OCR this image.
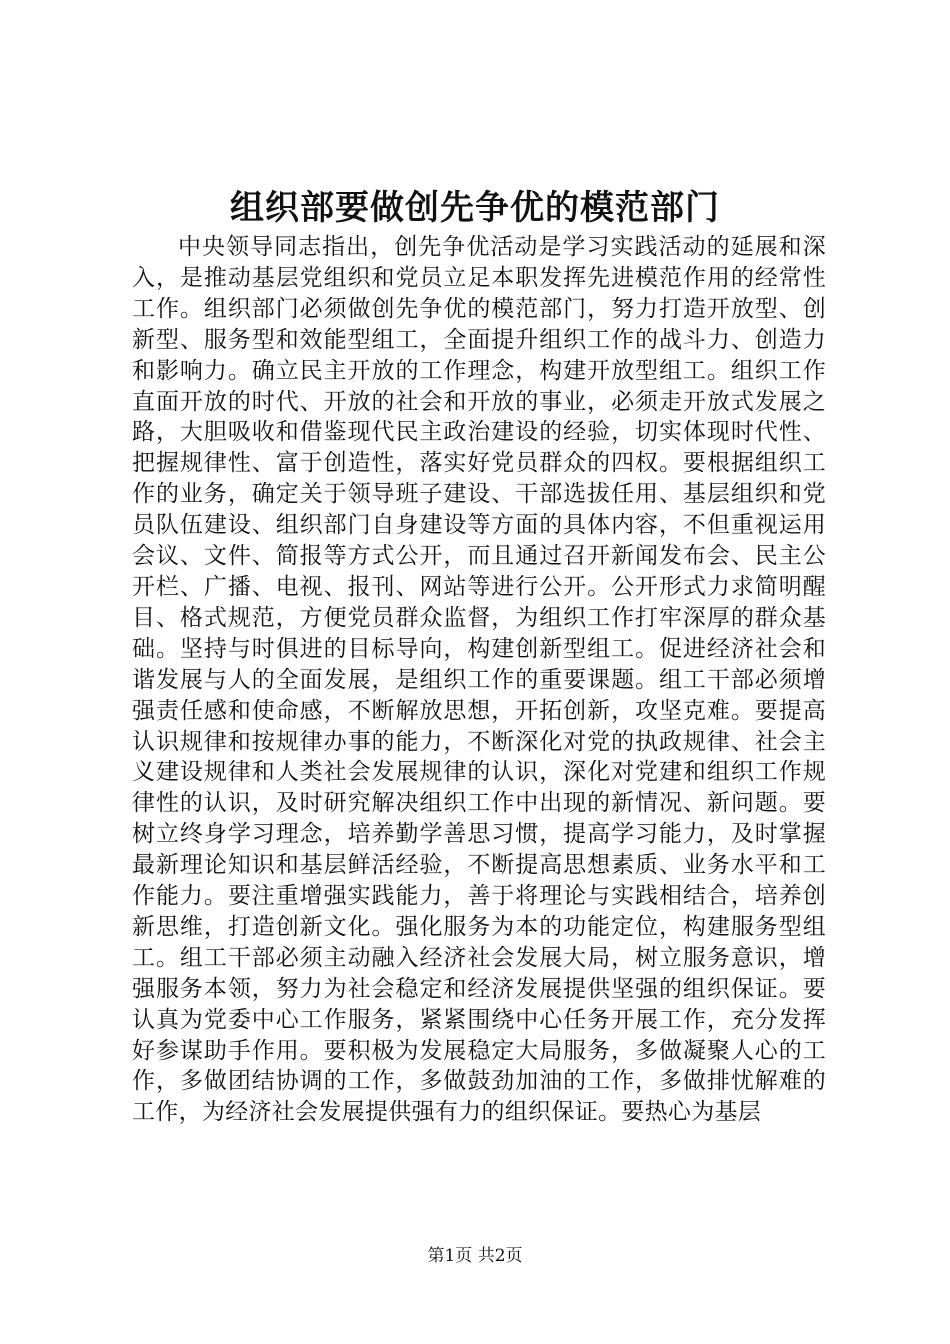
组织部要做创先争优的模范部门

中央领导同志指出，创先争优活动是学习实践活动的延展和深入，是推动基层党组织和党员立足本职发挥先进模范作用的经常性工作。组织部门必须做创先争优的模范部门，努力打造开放型、创新型、服务型和效能型组工，全面提升组织工作的战斗力、创造力和影响力。确立民主开放的工作理念，构建开放型组工。组织工作直面开放的时代、开放的社会和开放的事业，必须走开放式发展之路，大胆吸收和借鉴现代民主政治建设的经验，切实体现时代性、把握规律性、富于创造性，落实好党员群众的四权。要根据组织工作的业务，确定关于领导班子建设、干部选拔任用、基层组织和党员队伍建设、组织部门自身建设等方面的具体内容，不但重视运用会议、文件、简报等方式公开，而且通过召开新闻发布会、民主公开栏、广播、电视、报刊、网站等进行公开。公开形式力求简明醒目、格式规范，方便党员群众监督，为组织工作打牢深厚的群众基础。坚持与时俱进的目标导向，构建创新型组工。促进经济社会和谐发展与人的全面发展，是组织工作的重要课题。组工干部必须增强责任感和使命感，不断解放思想，开拓创新，攻坚克难。要提高认识规律和按规律办事的能力，不断深化对党的执政规律、社会主义建设规律和人类社会发展规律的认识，深化对党建和组织工作规律性的认识，及时研究解决组织工作中出现的新情况、新问题。要树立终身学习理念，培养勤学善思习惯，提高学习能力，及时掌握最新理论知识和基层鲜活经验，不断提高思想素质、业务水平和工作能力。要注重增强实践能力，善于将理论与实践相结合，培养创新思维，打造创新文化。强化服务为本的功能定位，构建服务型组工。组工干部必须主动融入经济社会发展大局，树立服务意识，增强服务本领，努力为社会稳定和经济发展提供坚强的组织保证。要认真为党委中心工作服务，紧紧围绕中心任务开展工作，充分发挥好参谋助手作用。要积极为发展稳定大局服务，多做凝聚人心的工作，多做团结协调的工作，多做鼓劲加油的工作，多做排忧解难的工作，为经济社会发展提供强有力的组织保证。要热心为基层

第1页 共2页
